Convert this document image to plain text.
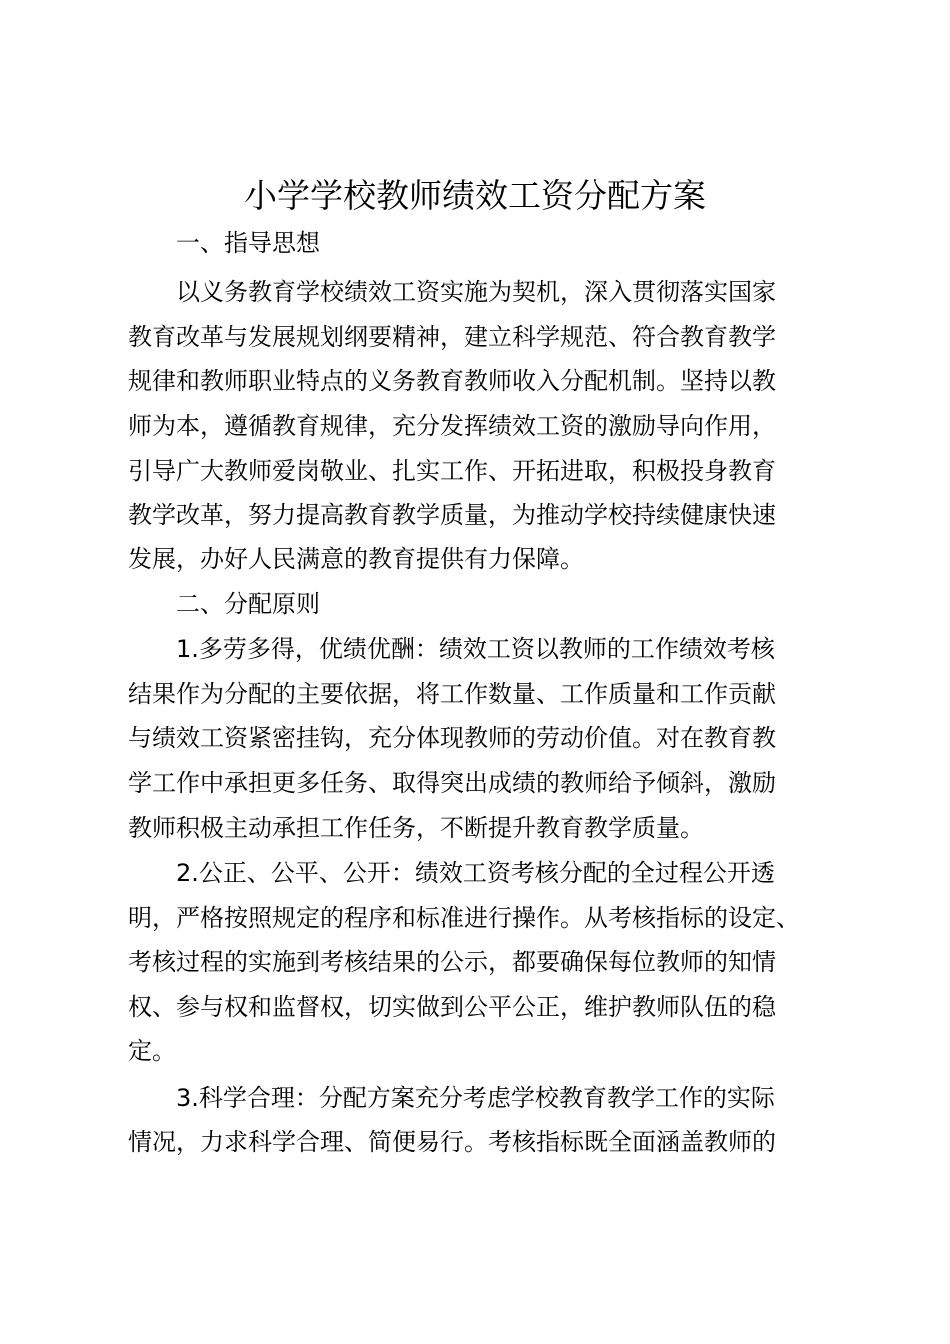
小学学校教师绩效工资分配方案

一、指导思想

以义务教育学校绩效工资实施为契机，深入贯彻落实国家

教育改革与发展规划纲要精神，建立科学规范、符合教育教学

规律和教师职业特点的义务教育教师收入分配机制。坚持以教

师为本，遵循教育规律，充分发挥绩效工资的激励导向作用，

引导广大教师爱岗敬业、扎实工作、开拓进取，积极投身教育

教学改革，努力提高教育教学质量，为推动学校持续健康快速

发展，办好人民满意的教育提供有力保障。

二、分配原则

1.多劳多得，优绩优酬：绩效工资以教师的工作绩效考核

结果作为分配的主要依据，将工作数量、工作质量和工作贡献

与绩效工资紧密挂钩，充分体现教师的劳动价值。对在教育教

学工作中承担更多任务、取得突出成绩的教师给予倾斜，激励

教师积极主动承担工作任务，不断提升教育教学质量。

2.公正、公平、公开：绩效工资考核分配的全过程公开透

明，严格按照规定的程序和标准进行操作。从考核指标的设定、

考核过程的实施到考核结果的公示，都要确保每位教师的知情

权、参与权和监督权，切实做到公平公正，维护教师队伍的稳

定。

3.科学合理：分配方案充分考虑学校教育教学工作的实际

情况，力求科学合理、简便易行。考核指标既全面涵盖教师的
